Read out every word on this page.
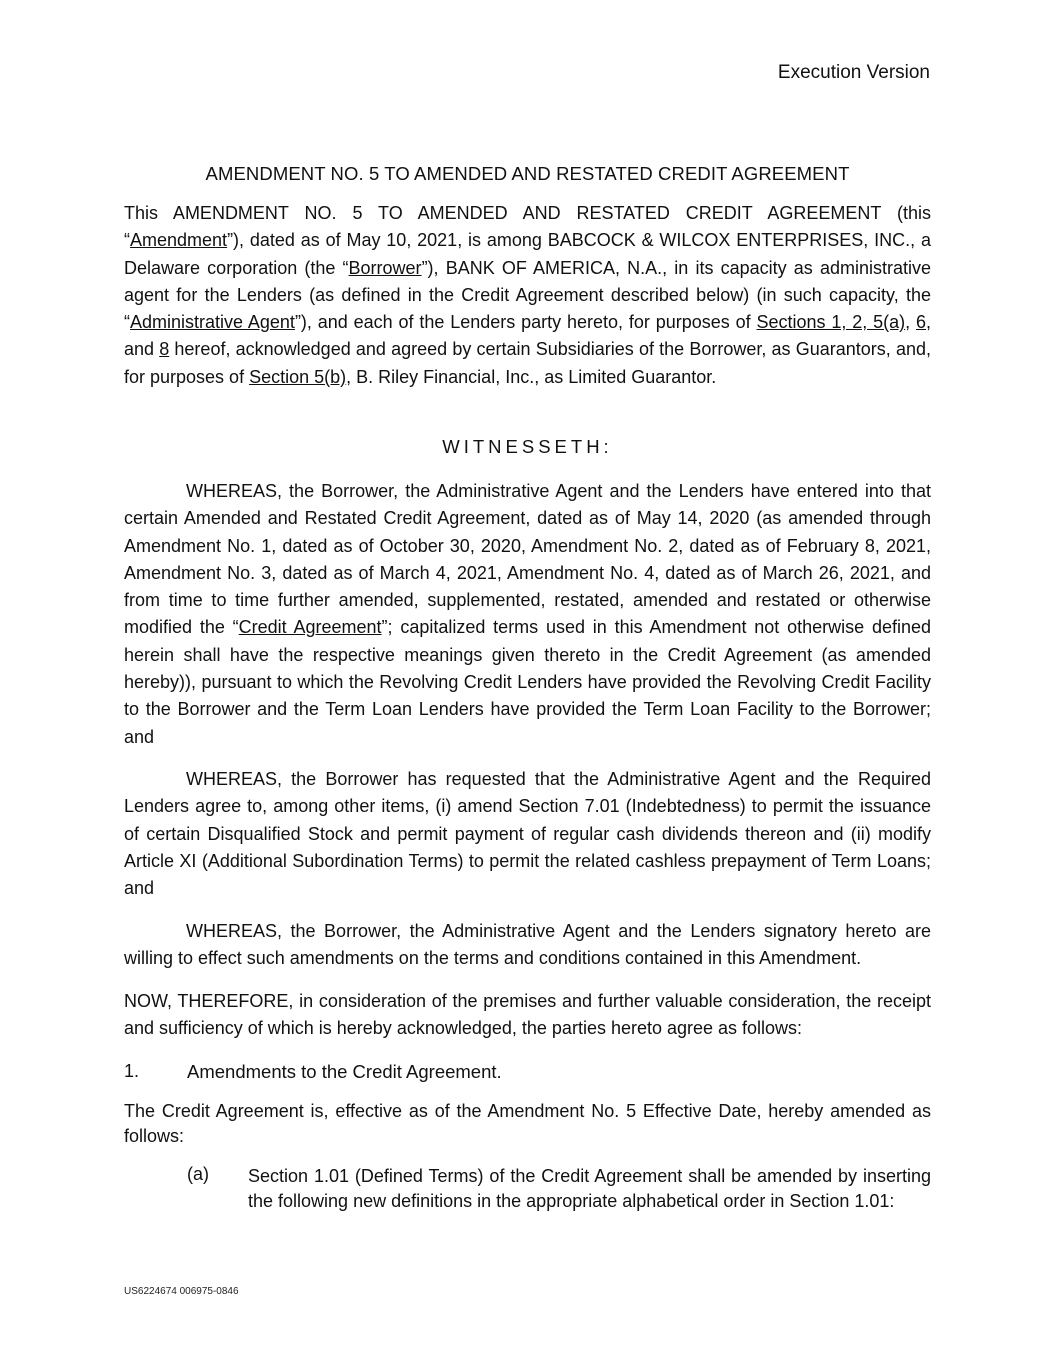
Execution Version
AMENDMENT NO. 5 TO AMENDED AND RESTATED CREDIT AGREEMENT
This AMENDMENT NO. 5 TO AMENDED AND RESTATED CREDIT AGREEMENT (this “Amendment”), dated as of May 10, 2021, is among BABCOCK & WILCOX ENTERPRISES, INC., a Delaware corporation (the “Borrower”), BANK OF AMERICA, N.A., in its capacity as administrative agent for the Lenders (as defined in the Credit Agreement described below) (in such capacity, the “Administrative Agent”), and each of the Lenders party hereto, for purposes of Sections 1, 2, 5(a), 6, and 8 hereof, acknowledged and agreed by certain Subsidiaries of the Borrower, as Guarantors, and, for purposes of Section 5(b), B. Riley Financial, Inc., as Limited Guarantor.
WITNESSETH:
WHEREAS, the Borrower, the Administrative Agent and the Lenders have entered into that certain Amended and Restated Credit Agreement, dated as of May 14, 2020 (as amended through Amendment No. 1, dated as of October 30, 2020, Amendment No. 2, dated as of February 8, 2021, Amendment No. 3, dated as of March 4, 2021, Amendment No. 4, dated as of March 26, 2021, and from time to time further amended, supplemented, restated, amended and restated or otherwise modified the “Credit Agreement”; capitalized terms used in this Amendment not otherwise defined herein shall have the respective meanings given thereto in the Credit Agreement (as amended hereby)), pursuant to which the Revolving Credit Lenders have provided the Revolving Credit Facility to the Borrower and the Term Loan Lenders have provided the Term Loan Facility to the Borrower; and
WHEREAS, the Borrower has requested that the Administrative Agent and the Required Lenders agree to, among other items, (i) amend Section 7.01 (Indebtedness) to permit the issuance of certain Disqualified Stock and permit payment of regular cash dividends thereon and (ii) modify Article XI (Additional Subordination Terms) to permit the related cashless prepayment of Term Loans; and
WHEREAS, the Borrower, the Administrative Agent and the Lenders signatory hereto are willing to effect such amendments on the terms and conditions contained in this Amendment.
NOW, THEREFORE, in consideration of the premises and further valuable consideration, the receipt and sufficiency of which is hereby acknowledged, the parties hereto agree as follows:
1.	Amendments to the Credit Agreement.
The Credit Agreement is, effective as of the Amendment No. 5 Effective Date, hereby amended as follows:
(a) Section 1.01 (Defined Terms) of the Credit Agreement shall be amended by inserting the following new definitions in the appropriate alphabetical order in Section 1.01:
US6224674 006975-0846
